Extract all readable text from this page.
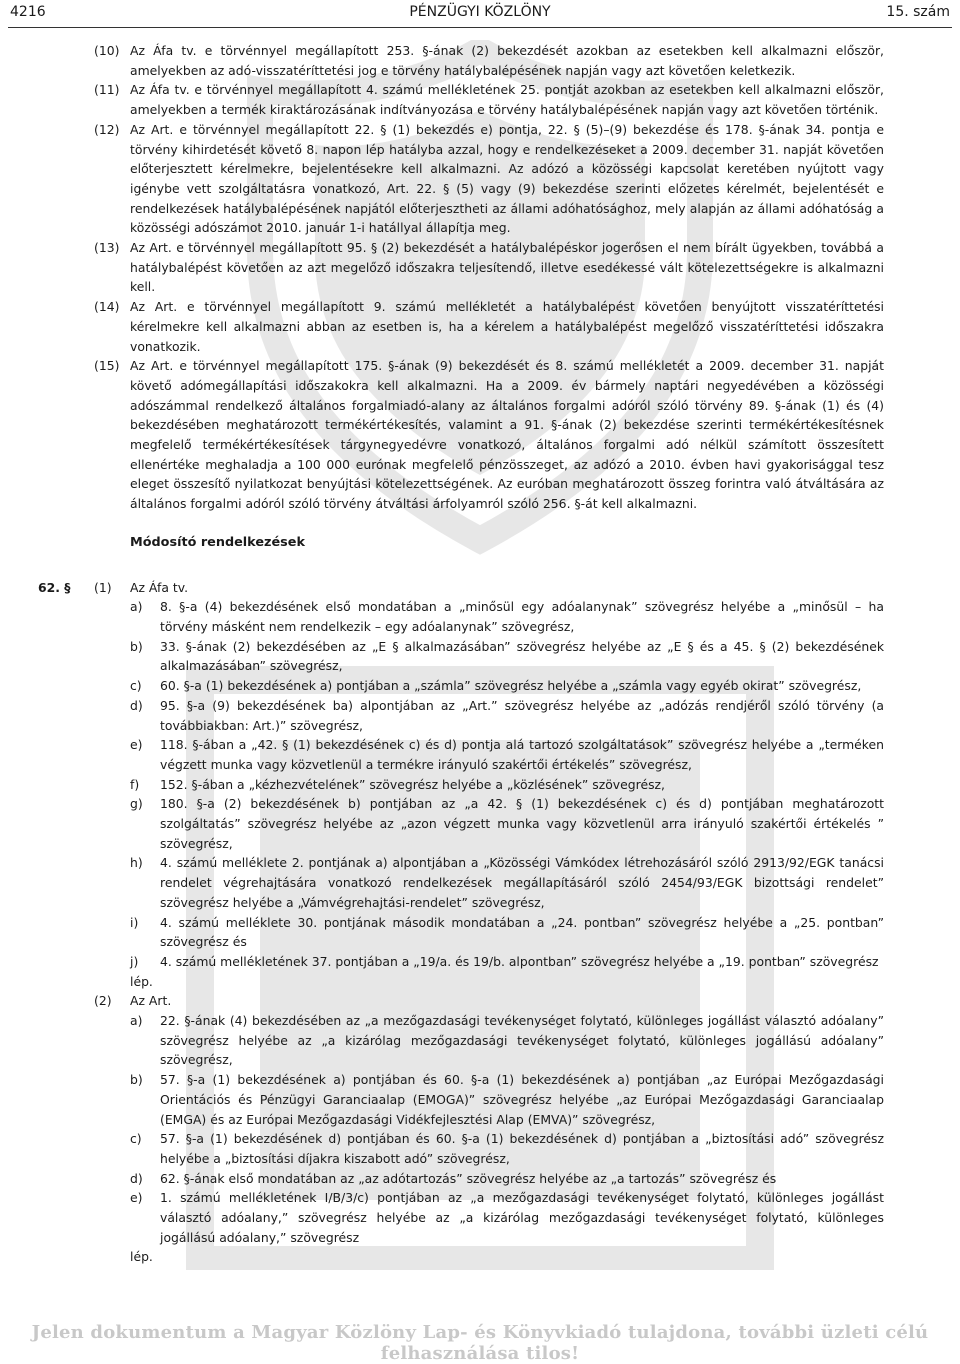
4216	PÉNZÜGYI KÖZLÖNY	15. szám
(10) Az Áfa tv. e törvénnyel megállapított 253. §-ának (2) bekezdését azokban az esetekben kell alkalmazni először, amelyekben az adó-visszatéríttetési jog e törvény hatálybalépésének napján vagy azt követően keletkezik.
(11) Az Áfa tv. e törvénnyel megállapított 4. számú mellékletének 25. pontját azokban az esetekben kell alkalmazni először, amelyekben a termék kiraktározásának indítványozása e törvény hatálybalépésének napján vagy azt követően történik.
(12) Az Art. e törvénnyel megállapított 22. § (1) bekezdés e) pontja, 22. § (5)–(9) bekezdése és 178. §-ának 34. pontja e törvény kihirdetését követő 8. napon lép hatályba azzal, hogy e rendelkezéseket a 2009. december 31. napját követően előterjesztett kérelmekre, bejelentésekre kell alkalmazni. Az adózó a közösségi kapcsolat keretében nyújtott vagy igénybe vett szolgáltatásra vonatkozó, Art. 22. § (5) vagy (9) bekezdése szerinti előzetes kérelmét, bejelentését e rendelkezések hatálybalépésének napjától előterjesztheti az állami adóhatósághoz, mely alapján az állami adóhatóság a közösségi adószámot 2010. január 1-i hatállyal állapítja meg.
(13) Az Art. e törvénnyel megállapított 95. § (2) bekezdését a hatálybalépéskor jogerősen el nem bírált ügyekben, továbbá a hatálybalépést követően az azt megelőző időszakra teljesítendő, illetve esedékessé vált kötelezettségekre is alkalmazni kell.
(14) Az Art. e törvénnyel megállapított 9. számú mellékletét a hatálybalépést követően benyújtott visszatéríttetési kérelmekre kell alkalmazni abban az esetben is, ha a kérelem a hatálybalépést megelőző visszatéríttetési időszakra vonatkozik.
(15) Az Art. e törvénnyel megállapított 175. §-ának (9) bekezdését és 8. számú mellékletét a 2009. december 31. napját követő adómegállapítási időszakokra kell alkalmazni. Ha a 2009. év bármely naptári negyedévében a közösségi adószámmal rendelkező általános forgalmiadó-alany az általános forgalmi adóról szóló törvény 89. §-ának (1) és (4) bekezdésében meghatározott termékértékesítés, valamint a 91. §-ának (2) bekezdése szerinti termékértékesítésnek megfelelő termékértékesítések tárgynegyedévre vonatkozó, általános forgalmi adó nélkül számított összesített ellenértéke meghaladja a 100 000 eurónak megfelelő pénzösszeget, az adózó a 2010. évben havi gyakorisággal tesz eleget összesítő nyilatkozat benyújtási kötelezettségének. Az euróban meghatározott összeg forintra való átváltására az általános forgalmi adóról szóló törvény átváltási árfolyamról szóló 256. §-át kell alkalmazni.
Módosító rendelkezések
62. § (1) Az Áfa tv.
a) 8. §-a (4) bekezdésének első mondatában a „minősül egy adóalanynak” szövegrész helyébe a „minősül – ha törvény másként nem rendelkezik – egy adóalanynak” szövegrész,
b) 33. §-ának (2) bekezdésében az „E § alkalmazásában” szövegrész helyébe az „E § és a 45. § (2) bekezdésének alkalmazásában” szövegrész,
c) 60. §-a (1) bekezdésének a) pontjában a „számla” szövegrész helyébe a „számla vagy egyéb okirat” szövegrész,
d) 95. §-a (9) bekezdésének ba) alpontjában az „Art.” szövegrész helyébe az „adózás rendjéről szóló törvény (a továbbiakban: Art.)” szövegrész,
e) 118. §-ában a „42. § (1) bekezdésének c) és d) pontja alá tartozó szolgáltatások” szövegrész helyébe a „terméken végzett munka vagy közvetlenül a termékre irányuló szakértői értékelés” szövegrész,
f) 152. §-ában a „kézhezvételének” szövegrész helyébe a „közlésének” szövegrész,
g) 180. §-a (2) bekezdésének b) pontjában az „a 42. § (1) bekezdésének c) és d) pontjában meghatározott szolgáltatás” szövegrész helyébe az „azon végzett munka vagy közvetlenül arra irányuló szakértői értékelés ” szövegrész,
h) 4. számú melléklete 2. pontjának a) alpontjában a „Közösségi Vámkódex létrehozásáról szóló 2913/92/EGK tanácsi rendelet végrehajtására vonatkozó rendelkezések megállapításáról szóló 2454/93/EGK bizottsági rendelet” szövegrész helyébe a „Vámvégrehajtási-rendelet” szövegrész,
i) 4. számú melléklete 30. pontjának második mondatában a „24. pontban” szövegrész helyébe a „25. pontban” szövegrész és
j) 4. számú mellékletének 37. pontjában a „19/a. és 19/b. alpontban” szövegrész helyébe a „19. pontban” szövegrész
lép.
(2) Az Art.
a) 22. §-ának (4) bekezdésében az „a mezőgazdasági tevékenységet folytató, különleges jogállást választó adóalany” szövegrész helyébe az „a kizárólag mezőgazdasági tevékenységet folytató, különleges jogállású adóalany” szövegrész,
b) 57. §-a (1) bekezdésének a) pontjában és 60. §-a (1) bekezdésének a) pontjában „az Európai Mezőgazdasági Orientációs és Pénzügyi Garanciaalap (EMOGA)” szövegrész helyébe „az Európai Mezőgazdasági Garanciaalap (EMGA) és az Európai Mezőgazdasági Vidékfejlesztési Alap (EMVA)” szövegrész,
c) 57. §-a (1) bekezdésének d) pontjában és 60. §-a (1) bekezdésének d) pontjában a „biztosítási adó” szövegrész helyébe a „biztosítási díjakra kiszabott adó” szövegrész,
d) 62. §-ának első mondatában az „az adótartozás” szövegrész helyébe az „a tartozás” szövegrész és
e) 1. számú mellékletének I/B/3/c) pontjában az „a mezőgazdasági tevékenységet folytató, különleges jogállást választó adóalany,” szövegrész helyébe az „a kizárólag mezőgazdasági tevékenységet folytató, különleges jogállású adóalany,” szövegrész
lép.
Jelen dokumentum a Magyar Közlöny Lap- és Könyvkiadó tulajdona, további üzleti célú felhasználása tilos!
